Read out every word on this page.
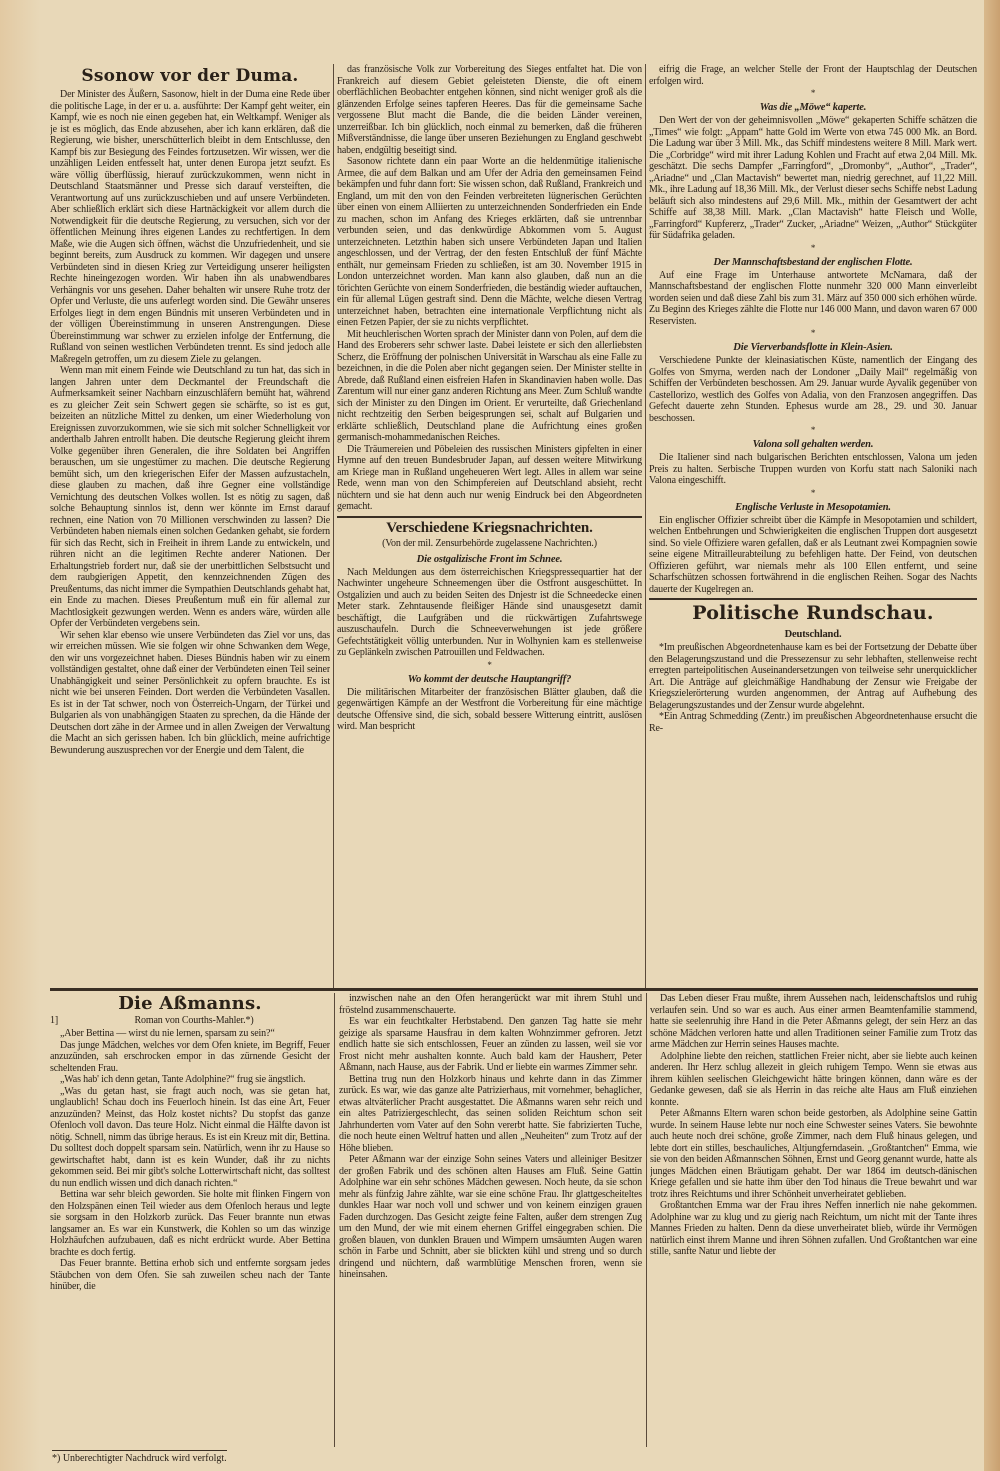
Ssonow vor der Duma.

Der Minister des Äußern, Sasonow, hielt in der Duma eine Rede über die politische Lage, in der er u. a. ausführte: Der Kampf geht weiter, ein Kampf, wie es noch nie einen gegeben hat, ein Weltkampf. Weniger als je ist es möglich, das Ende abzusehen, aber ich kann erklären, daß die Regierung, wie bisher, unerschütterlich bleibt in dem Entschlusse, den Kampf bis zur Besiegung des Feindes fortzusetzen. Wir wissen, wer die unzähligen Leiden entfesselt hat, unter denen Europa jetzt seufzt. Es wäre völlig überflüssig, hierauf zurückzukommen, wenn nicht in Deutschland Staatsmänner und Presse sich darauf versteiften, die Verantwortung auf uns zurückzuschieben und auf unsere Verbündeten. Aber schließlich erklärt sich diese Hartnäckigkeit vor allem durch die Notwendigkeit für die deutsche Regierung, zu versuchen, sich vor der öffentlichen Meinung ihres eigenen Landes zu rechtfertigen. In dem Maße, wie die Augen sich öffnen, wächst die Unzufriedenheit, und sie beginnt bereits, zum Ausdruck zu kommen. Wir dagegen und unsere Verbündeten sind in diesen Krieg zur Verteidigung unserer heiligsten Rechte hineingezogen worden. Wir haben ihn als unabwendbares Verhängnis vor uns gesehen. Daher behalten wir unsere Ruhe trotz der Opfer und Verluste, die uns auferlegt worden sind. Die Gewähr unseres Erfolges liegt in dem engen Bündnis mit unseren Verbündeten und in der völligen Übereinstimmung in unseren Anstrengungen. Diese Übereinstimmung war schwer zu erzielen infolge der Entfernung, die Rußland von seinen westlichen Verbündeten trennt. Es sind jedoch alle Maßregeln getroffen, um zu diesem Ziele zu gelangen.

Wenn man mit einem Feinde wie Deutschland zu tun hat, das sich in langen Jahren unter dem Deckmantel der Freundschaft die Aufmerksamkeit seiner Nachbarn einzuschläfern bemüht hat, während es zu gleicher Zeit sein Schwert gegen sie schärfte, so ist es gut, beizeiten an nützliche Mittel zu denken, um einer Wiederholung von Ereignissen zuvorzukommen, wie sie sich mit solcher Schnelligkeit vor anderthalb Jahren entrollt haben. Die deutsche Regierung gleicht ihrem Volke gegenüber ihren Generalen, die ihre Soldaten bei Angriffen berauschen, um sie ungestümer zu machen. Die deutsche Regierung bemüht sich, um den kriegerischen Eifer der Massen aufzustacheln, diese glauben zu machen, daß ihre Gegner eine vollständige Vernichtung des deutschen Volkes wollen. Ist es nötig zu sagen, daß solche Behauptung sinnlos ist, denn wer könnte im Ernst darauf rechnen, eine Nation von 70 Millionen verschwinden zu lassen? Die Verbündeten haben niemals einen solchen Gedanken gehabt, sie fordern für sich das Recht, sich in Freiheit in ihrem Lande zu entwickeln, und rühren nicht an die legitimen Rechte anderer Nationen. Der Erhaltungstrieb fordert nur, daß sie der unerbittlichen Selbstsucht und dem raubgierigen Appetit, den kennzeichnenden Zügen des Preußentums, das nicht immer die Sympathien Deutschlands gehabt hat, ein Ende zu machen. Dieses Preußentum muß ein für allemal zur Machtlosigkeit gezwungen werden. Wenn es anders wäre, würden alle Opfer der Verbündeten vergebens sein.

Wir sehen klar ebenso wie unsere Verbündeten das Ziel vor uns, das wir erreichen müssen. Wie sie folgen wir ohne Schwanken dem Wege, den wir uns vorgezeichnet haben. Dieses Bündnis haben wir zu einem vollständigen gestaltet, ohne daß einer der Verbündeten einen Teil seiner Unabhängigkeit und seiner Persönlichkeit zu opfern brauchte. Es ist nicht wie bei unseren Feinden. Dort werden die Verbündeten Vasallen. Es ist in der Tat schwer, noch von Österreich-Ungarn, der Türkei und Bulgarien als von unabhängigen Staaten zu sprechen, da die Hände der Deutschen dort zähe in der Armee und in allen Zweigen der Verwaltung die Macht an sich gerissen haben. Ich bin glücklich, meine aufrichtige Bewunderung auszusprechen vor der Energie und dem Talent, die

das französische Volk zur Vorbereitung des Sieges entfaltet hat. Die von Frankreich auf diesem Gebiet geleisteten Dienste, die oft einem oberflächlichen Beobachter entgehen können, sind nicht weniger groß als die glänzenden Erfolge seines tapferen Heeres. Das für die gemeinsame Sache vergossene Blut macht die Bande, die die beiden Länder vereinen, unzerreißbar. Ich bin glücklich, noch einmal zu bemerken, daß die früheren Mißverständnisse, die lange über unseren Beziehungen zu England geschwebt haben, endgültig beseitigt sind.

Sasonow richtete dann ein paar Worte an die heldenmütige italienische Armee, die auf dem Balkan und am Ufer der Adria den gemeinsamen Feind bekämpfen und fuhr dann fort: Sie wissen schon, daß Rußland, Frankreich und England, um mit den von den Feinden verbreiteten lügnerischen Gerüchten über einen von einem Alliierten zu unterzeichnenden Sonderfrieden ein Ende zu machen, schon im Anfang des Krieges erklärten, daß sie untrennbar verbunden seien, und das denkwürdige Abkommen vom 5. August unterzeichneten. Letzthin haben sich unsere Verbündeten Japan und Italien angeschlossen, und der Vertrag, der den festen Entschluß der fünf Mächte enthält, nur gemeinsam Frieden zu schließen, ist am 30. November 1915 in London unterzeichnet worden. Man kann also glauben, daß nun an die törichten Gerüchte von einem Sonderfrieden, die beständig wieder auftauchen, ein für allemal Lügen gestraft sind. Denn die Mächte, welche diesen Vertrag unterzeichnet haben, betrachten eine internationale Verpflichtung nicht als einen Fetzen Papier, der sie zu nichts verpflichtet.

Mit heuchlerischen Worten sprach der Minister dann von Polen, auf dem die Hand des Eroberers sehr schwer laste. Dabei leistete er sich den allerliebsten Scherz, die Eröffnung der polnischen Universität in Warschau als eine Falle zu bezeichnen, in die die Polen aber nicht gegangen seien. Der Minister stellte in Abrede, daß Rußland einen eisfreien Hafen in Skandinavien haben wolle. Das Zarentum will nur einer ganz anderen Richtung ans Meer. Zum Schluß wandte sich der Minister zu den Dingen im Orient. Er verurteilte, daß Griechenland nicht rechtzeitig den Serben beigesprungen sei, schalt auf Bulgarien und erklärte schließlich, Deutschland plane die Aufrichtung eines großen germanisch-mohammedanischen Reiches.

Die Träumereien und Pöbeleien des russischen Ministers gipfelten in einer Hymne auf den treuen Bundesbruder Japan, auf dessen weitere Mitwirkung am Kriege man in Rußland ungeheueren Wert legt. Alles in allem war seine Rede, wenn man von den Schimpfereien auf Deutschland absieht, recht nüchtern und sie hat denn auch nur wenig Eindruck bei den Abgeordneten gemacht.

Verschiedene Kriegsnachrichten.
(Von der mil. Zensurbehörde zugelassene Nachrichten.)
Die ostgalizische Front im Schnee.

Nach Meldungen aus dem österreichischen Kriegspressequartier hat der Nachwinter ungeheure Schneemengen über die Ostfront ausgeschüttet. In Ostgalizien und auch zu beiden Seiten des Dnjestr ist die Schneedecke einen Meter stark. Zehntausende fleißiger Hände sind unausgesetzt damit beschäftigt, die Laufgräben und die rückwärtigen Zufahrtswege auszuschaufeln. Durch die Schneeverwehungen ist jede größere Gefechtstätigkeit völlig unterbunden. Nur in Wolhynien kam es stellenweise zu Geplänkeln zwischen Patrouillen und Feldwachen.

*
Wo kommt der deutsche Hauptangriff?

Die militärischen Mitarbeiter der französischen Blätter glauben, daß die gegenwärtigen Kämpfe an der Westfront die Vorbereitung für eine mächtige deutsche Offensive sind, die sich, sobald bessere Witterung eintritt, auslösen wird. Man bespricht

eifrig die Frage, an welcher Stelle der Front der Hauptschlag der Deutschen erfolgen wird.

*
Was die „Möwe“ kaperte.

Den Wert der von der geheimnisvollen „Möwe“ gekaperten Schiffe schätzen die „Times“ wie folgt: „Appam“ hatte Gold im Werte von etwa 745 000 Mk. an Bord. Die Ladung war über 3 Mill. Mk., das Schiff mindestens weitere 8 Mill. Mark wert. Die „Corbridge“ wird mit ihrer Ladung Kohlen und Fracht auf etwa 2,04 Mill. Mk. geschätzt. Die sechs Dampfer „Farringford“, „Dromonby“, „Author“, „Trader“, „Ariadne“ und „Clan Mactavish“ bewertet man, niedrig gerechnet, auf 11,22 Mill. Mk., ihre Ladung auf 18,36 Mill. Mk., der Verlust dieser sechs Schiffe nebst Ladung beläuft sich also mindestens auf 29,6 Mill. Mk., mithin der Gesamtwert der acht Schiffe auf 38,38 Mill. Mark. „Clan Mactavish“ hatte Fleisch und Wolle, „Farringford“ Kupfererz, „Trader“ Zucker, „Ariadne“ Weizen, „Author“ Stückgüter für Südafrika geladen.

*
Der Mannschaftsbestand der englischen Flotte.

Auf eine Frage im Unterhause antwortete McNamara, daß der Mannschaftsbestand der englischen Flotte nunmehr 320 000 Mann einverleibt worden seien und daß diese Zahl bis zum 31. März auf 350 000 sich erhöhen würde. Zu Beginn des Krieges zählte die Flotte nur 146 000 Mann, und davon waren 67 000 Reservisten.

*
Die Vierverbandsflotte in Klein-Asien.

Verschiedene Punkte der kleinasiatischen Küste, namentlich der Eingang des Golfes von Smyrna, werden nach der Londoner „Daily Mail“ regelmäßig von Schiffen der Verbündeten beschossen. Am 29. Januar wurde Ayvalik gegenüber von Castellorizo, westlich des Golfes von Adalia, von den Franzosen angegriffen. Das Gefecht dauerte zehn Stunden. Ephesus wurde am 28., 29. und 30. Januar beschossen.

*
Valona soll gehalten werden.

Die Italiener sind nach bulgarischen Berichten entschlossen, Valona um jeden Preis zu halten. Serbische Truppen wurden von Korfu statt nach Saloniki nach Valona eingeschifft.

*
Englische Verluste in Mesopotamien.

Ein englischer Offizier schreibt über die Kämpfe in Mesopotamien und schildert, welchen Entbehrungen und Schwierigkeiten die englischen Truppen dort ausgesetzt sind. So viele Offiziere waren gefallen, daß er als Leutnant zwei Kompagnien sowie seine eigene Mitrailleurabteilung zu befehligen hatte. Der Feind, von deutschen Offizieren geführt, war niemals mehr als 100 Ellen entfernt, und seine Scharfschützen schossen fortwährend in die englischen Reihen. Sogar des Nachts dauerte der Kugelregen an.

Politische Rundschau.
Deutschland.

*Im preußischen Abgeordnetenhause kam es bei der Fortsetzung der Debatte über den Belagerungszustand und die Pressezensur zu sehr lebhaften, stellenweise recht erregten parteipolitischen Auseinandersetzungen von teilweise sehr unerquicklicher Art. Die Anträge auf gleichmäßige Handhabung der Zensur wie Freigabe der Kriegszielerörterung wurden angenommen, der Antrag auf Aufhebung des Belagerungszustandes und der Zensur wurde abgelehnt.

*Ein Antrag Schmedding (Zentr.) im preußischen Abgeordnetenhause ersucht die Re-

Die Aßmanns.
1]	Roman von Courths-Mahler.*)

„Aber Bettina — wirst du nie lernen, sparsam zu sein?“

Das junge Mädchen, welches vor dem Ofen kniete, im Begriff, Feuer anzuzünden, sah erschrocken empor in das zürnende Gesicht der scheltenden Frau.

„Was hab' ich denn getan, Tante Adolphine?“ frug sie ängstlich.

„Was du getan hast, sie fragt auch noch, was sie getan hat, unglaublich! Schau doch ins Feuerloch hinein. Ist das eine Art, Feuer anzuzünden? Meinst, das Holz kostet nichts? Du stopfst das ganze Ofenloch voll davon. Das teure Holz. Nicht einmal die Hälfte davon ist nötig. Schnell, nimm das übrige heraus. Es ist ein Kreuz mit dir, Bettina. Du solltest doch doppelt sparsam sein. Natürlich, wenn ihr zu Hause so gewirtschaftet habt, dann ist es kein Wunder, daß ihr zu nichts gekommen seid. Bei mir gibt's solche Lotterwirtschaft nicht, das solltest du nun endlich wissen und dich danach richten.“

Bettina war sehr bleich geworden. Sie holte mit flinken Fingern von den Holzspänen einen Teil wieder aus dem Ofenloch heraus und legte sie sorgsam in den Holzkorb zurück. Das Feuer brannte nun etwas langsamer an. Es war ein Kunstwerk, die Kohlen so um das winzige Holzhäufchen aufzubauen, daß es nicht erdrückt wurde. Aber Bettina brachte es doch fertig.

Das Feuer brannte. Bettina erhob sich und entfernte sorgsam jedes Stäubchen von dem Ofen. Sie sah zuweilen scheu nach der Tante hinüber, die

inzwischen nahe an den Ofen herangerückt war mit ihrem Stuhl und fröstelnd zusammenschauerte.

Es war ein feuchtkalter Herbstabend. Den ganzen Tag hatte sie mehr geizige als sparsame Hausfrau in dem kalten Wohnzimmer gefroren. Jetzt endlich hatte sie sich entschlossen, Feuer an zünden zu lassen, weil sie vor Frost nicht mehr aushalten konnte. Auch bald kam der Hausherr, Peter Aßmann, nach Hause, aus der Fabrik. Und er liebte ein warmes Zimmer sehr.

Bettina trug nun den Holzkorb hinaus und kehrte dann in das Zimmer zurück. Es war, wie das ganze alte Patrizierhaus, mit vornehmer, behaglicher, etwas altväterlicher Pracht ausgestattet. Die Aßmanns waren sehr reich und ein altes Patriziergeschlecht, das seinen soliden Reichtum schon seit Jahrhunderten vom Vater auf den Sohn vererbt hatte. Sie fabrizierten Tuche, die noch heute einen Weltruf hatten und allen „Neuheiten“ zum Trotz auf der Höhe blieben.

Peter Aßmann war der einzige Sohn seines Vaters und alleiniger Besitzer der großen Fabrik und des schönen alten Hauses am Fluß. Seine Gattin Adolphine war ein sehr schönes Mädchen gewesen. Noch heute, da sie schon mehr als fünfzig Jahre zählte, war sie eine schöne Frau. Ihr glattgescheiteltes dunkles Haar war noch voll und schwer und von keinem einzigen grauen Faden durchzogen. Das Gesicht zeigte feine Falten, außer dem strengen Zug um den Mund, der wie mit einem ehernen Griffel eingegraben schien. Die großen blauen, von dunklen Brauen und Wimpern umsäumten Augen waren schön in Farbe und Schnitt, aber sie blickten kühl und streng und so durch dringend und nüchtern, daß warmblütige Menschen froren, wenn sie hineinsahen.

Das Leben dieser Frau mußte, ihrem Aussehen nach, leidenschaftslos und ruhig verlaufen sein. Und so war es auch. Aus einer armen Beamtenfamilie stammend, hatte sie seelenruhig ihre Hand in die Peter Aßmanns gelegt, der sein Herz an das schöne Mädchen verloren hatte und allen Traditionen seiner Familie zum Trotz das arme Mädchen zur Herrin seines Hauses machte.

Adolphine liebte den reichen, stattlichen Freier nicht, aber sie liebte auch keinen anderen. Ihr Herz schlug allezeit in gleich ruhigem Tempo. Wenn sie etwas aus ihrem kühlen seelischen Gleichgewicht hätte bringen können, dann wäre es der Gedanke gewesen, daß sie als Herrin in das reiche alte Haus am Fluß einziehen konnte.

Peter Aßmanns Eltern waren schon beide gestorben, als Adolphine seine Gattin wurde. In seinem Hause lebte nur noch eine Schwester seines Vaters. Sie bewohnte auch heute noch drei schöne, große Zimmer, nach dem Fluß hinaus gelegen, und lebte dort ein stilles, beschauliches, Altjungferndasein. „Großtantchen“ Emma, wie sie von den beiden Aßmannschen Söhnen, Ernst und Georg genannt wurde, hatte als junges Mädchen einen Bräutigam gehabt. Der war 1864 im deutsch-dänischen Kriege gefallen und sie hatte ihm über den Tod hinaus die Treue bewahrt und war trotz ihres Reichtums und ihrer Schönheit unverheiratet geblieben.

Großtantchen Emma war der Frau ihres Neffen innerlich nie nahe gekommen. Adolphine war zu klug und zu gierig nach Reichtum, um nicht mit der Tante ihres Mannes Frieden zu halten. Denn da diese unverheiratet blieb, würde ihr Vermögen natürlich einst ihrem Manne und ihren Söhnen zufallen. Und Großtantchen war eine stille, sanfte Natur und liebte der

*) Unberechtigter Nachdruck wird verfolgt.
